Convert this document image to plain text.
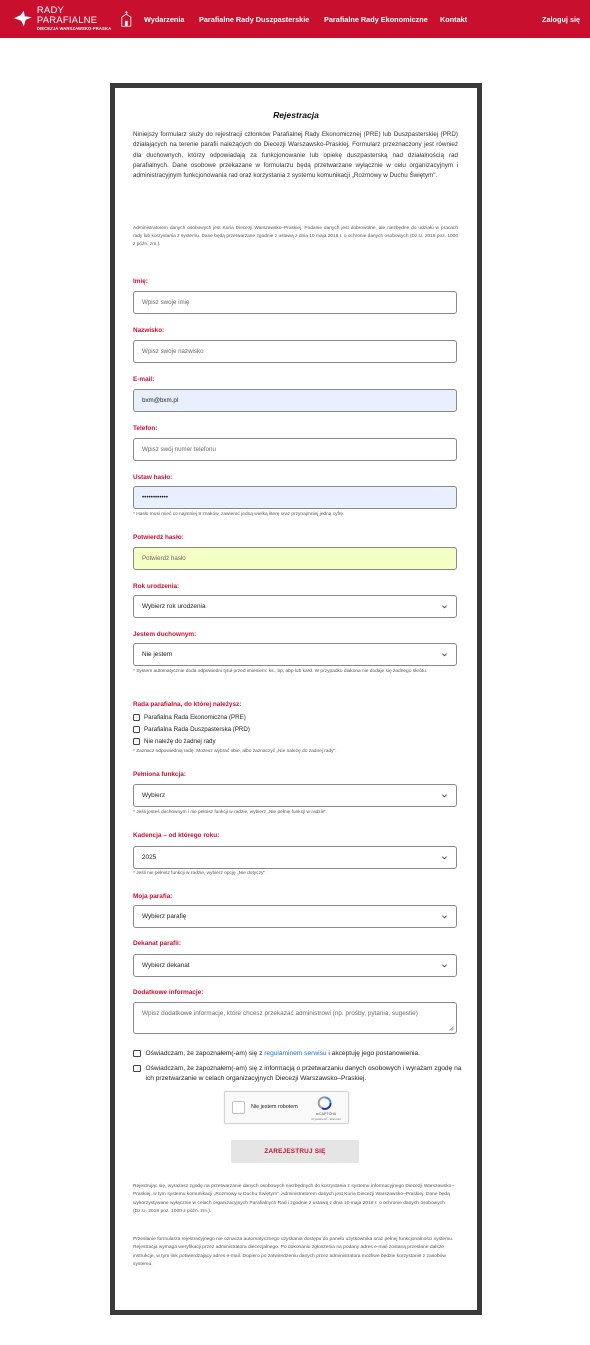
RADY PARAFIALNE
DIECEZJA WARSZAWSKO-PRASKA
Wydarzenia Parafialne Rady Duszpasterskie Parafialne Rady Ekonomiczne Kontakt	Zaloguj się
Rejestracja
Niniejszy formularz służy do rejestracji członków Parafialnej Rady Ekonomicznej (PRE) lub Duszpasterskiej (PRD) działających na terenie parafii należących do Diecezji Warszawsko-Praskiej. Formularz przeznaczony jest również dla duchownych, którzy odpowiadają za funkcjonowanie lub opiekę duszpasterską nad działalnością rad parafialnych. Dane osobowe przekazane w formularzu będą przetwarzane wyłącznie w celu organizacyjnym i administracyjnym funkcjonowania rad oraz korzystania z systemu komunikacji „Rozmowy w Duchu Świętym".
Administratorem danych osobowych jest Kuria Diecezji Warszawsko–Praskiej. Podanie danych jest dobrowolne, ale niezbędne do udziału w pracach rady lub korzystania z systemu. Dane będą przetwarzane zgodnie z ustawą z dnia 10 maja 2018 r. o ochronie danych osobowych (Dz.U. 2018 poz. 1000 z późn. zm.).
Imię:
Wpisz swoje imię
Nazwisko:
Wpisz swoje nazwisko
E-mail:
bxm@bxm.pl
Telefon:
Wpisz swój numer telefonu
Ustaw hasło:
••••••••••••
* Hasło musi mieć co najmniej 8 znaków, zawierać jedną wielką literę oraz przynajmniej jedną cyfrę.
Potwierdź hasło:
Potwierdź hasło
Rok urodzenia:
Wybierz rok urodzenia
Jestem duchownym:
Nie jestem
* System automatycznie doda odpowiedni tytuł przed imieniem: ks., bp, abp lub kard. W przypadku diakona nie dodaje się żadnego skrótu.
Rada parafialna, do której należysz:
Parafialna Rada Ekonomiczna (PRE)
Parafialna Rada Duszpasterska (PRD)
Nie należę do żadnej rady
* Zaznacz odpowiednią radę. Możesz wybrać obie, albo zaznaczyć „Nie należę do żadnej rady".
Pełniona funkcja:
Wybierz
* Jeśli jesteś duchownym i nie pełnisz funkcji w radzie, wybierz „Nie pełnię funkcji w radzie".
Kadencja – od którego roku:
2025
* Jeśli nie pełnisz funkcji w radzie, wybierz opcję „Nie dotyczy".
Moja parafia:
Wybierz parafię
Dekanat parafii:
Wybierz dekanat
Dodatkowe informacje:
Wpisz dodatkowe informacje, które chcesz przekazać administrowi (np. prośby, pytania, sugestie)
Oświadczam, że zapoznałem(-am) się z regulaminem serwisu i akceptuję jego postanowienia.
Oświadczam, że zapoznałem(-am) się z informacją o przetwarzaniu danych osobowych i wyrażam zgodę na ich przetwarzanie w celach organizacyjnych Diecezji Warszawsko–Praskiej.
Nie jestem robotem
reCAPTCHA
Prywatność - Warunki
ZAREJESTRUJ SIĘ
Rejestrując się, wyrażasz zgodę na przetwarzanie danych osobowych niezbędnych do korzystania z systemu informacyjnego Diecezji Warszawsko–Praskiej, w tym systemu komunikacji „Rozmowy w Duchu Świętym". Administratorem danych jest Kuria Diecezji Warszawsko–Praskiej. Dane będą wykorzystywane wyłącznie w celach organizacyjnych Parafialnych Rad i zgodnie z ustawą z dnia 10 maja 2018 r. o ochronie danych osobowych (Dz.U. 2018 poz. 1000 z późn. zm.).
Przesłanie formularza rejestracyjnego nie oznacza automatycznego uzyskania dostępu do panelu użytkownika oraz pełnej funkcjonalności systemu. Rejestracja wymaga weryfikacji przez administratora diecezjalnego. Po dokonaniu zgłoszenia na podany adres e-mail zostaną przesłane dalsze instrukcje, w tym link potwierdzający adres e-mail. Dopiero po zatwierdzeniu danych przez administratora możliwe będzie korzystanie z zasobów systemu.
